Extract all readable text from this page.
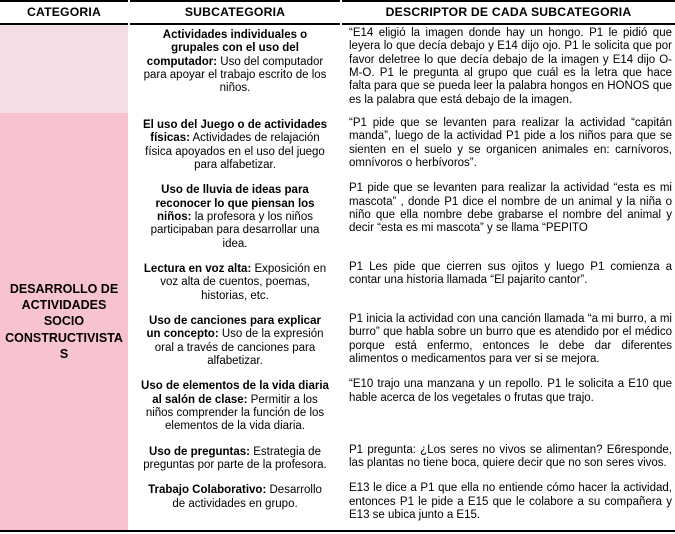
CATEGORIA	SUBCATEGORIA	DESCRIPTOR DE CADA SUBCATEGORIA
DESARROLLO DE ACTIVIDADES SOCIO CONSTRUCTIVISTAS
Actividades individuales o grupales con el uso del computador: Uso del computador para apoyar el trabajo escrito de los niños.
“E14 eligió la imagen donde hay un hongo. P1 le pidió que leyera lo que decía debajo y E14 dijo ojo. P1 le solicita que por favor deletree lo que decía debajo de la imagen y E14 dijo O-M-O. P1 le pregunta al grupo que cuál es la letra que hace falta para que se pueda leer la palabra hongos en HONOS que es la palabra que está debajo de la imagen.
El uso del Juego o de actividades físicas: Actividades de relajación física apoyados en el uso del juego para alfabetizar.
“P1 pide que se levanten para realizar la actividad “capitán manda”, luego de la actividad P1 pide a los niños para que se sienten en el suelo y se organicen animales en: carnívoros, omnívoros o herbívoros”.
Uso de lluvia de ideas para reconocer lo que piensan los niños: la profesora y los niños participaban para desarrollar una idea.
P1 pide que se levanten para realizar la actividad “esta es mi mascota” , donde P1 dice el nombre de un animal y la niña o niño que ella nombre debe grabarse el nombre del animal y decir “esta es mi mascota” y se llama “PEPITO
Lectura en voz alta: Exposición en voz alta de cuentos, poemas, historias, etc.
P1 Les pide que cierren sus ojitos y luego P1 comienza a contar una historia llamada “El pajarito cantor”.
Uso de canciones para explicar un concepto: Uso de la expresión oral a través de canciones para alfabetizar.
P1 inicia la actividad con una canción llamada “a mi burro, a mi burro” que habla sobre un burro que es atendido por el médico porque está enfermo, entonces le debe dar diferentes alimentos o medicamentos para ver si se mejora.
Uso de elementos de la vida diaria al salón de clase: Permitir a los niños comprender la función de los elementos de la vida diaria.
“E10 trajo una manzana y un repollo. P1 le solicita a E10 que hable acerca de los vegetales o frutas que trajo.
Uso de preguntas: Estrategia de preguntas por parte de la profesora.
P1 pregunta: ¿Los seres no vivos se alimentan? E6responde, las plantas no tiene boca, quiere decir que no son seres vivos.
Trabajo Colaborativo: Desarrollo de actividades en grupo.
E13 le dice a P1 que ella no entiende cómo hacer la actividad, entonces P1 le pide a E15 que le colabore a su compañera y E13 se ubica junto a E15.
